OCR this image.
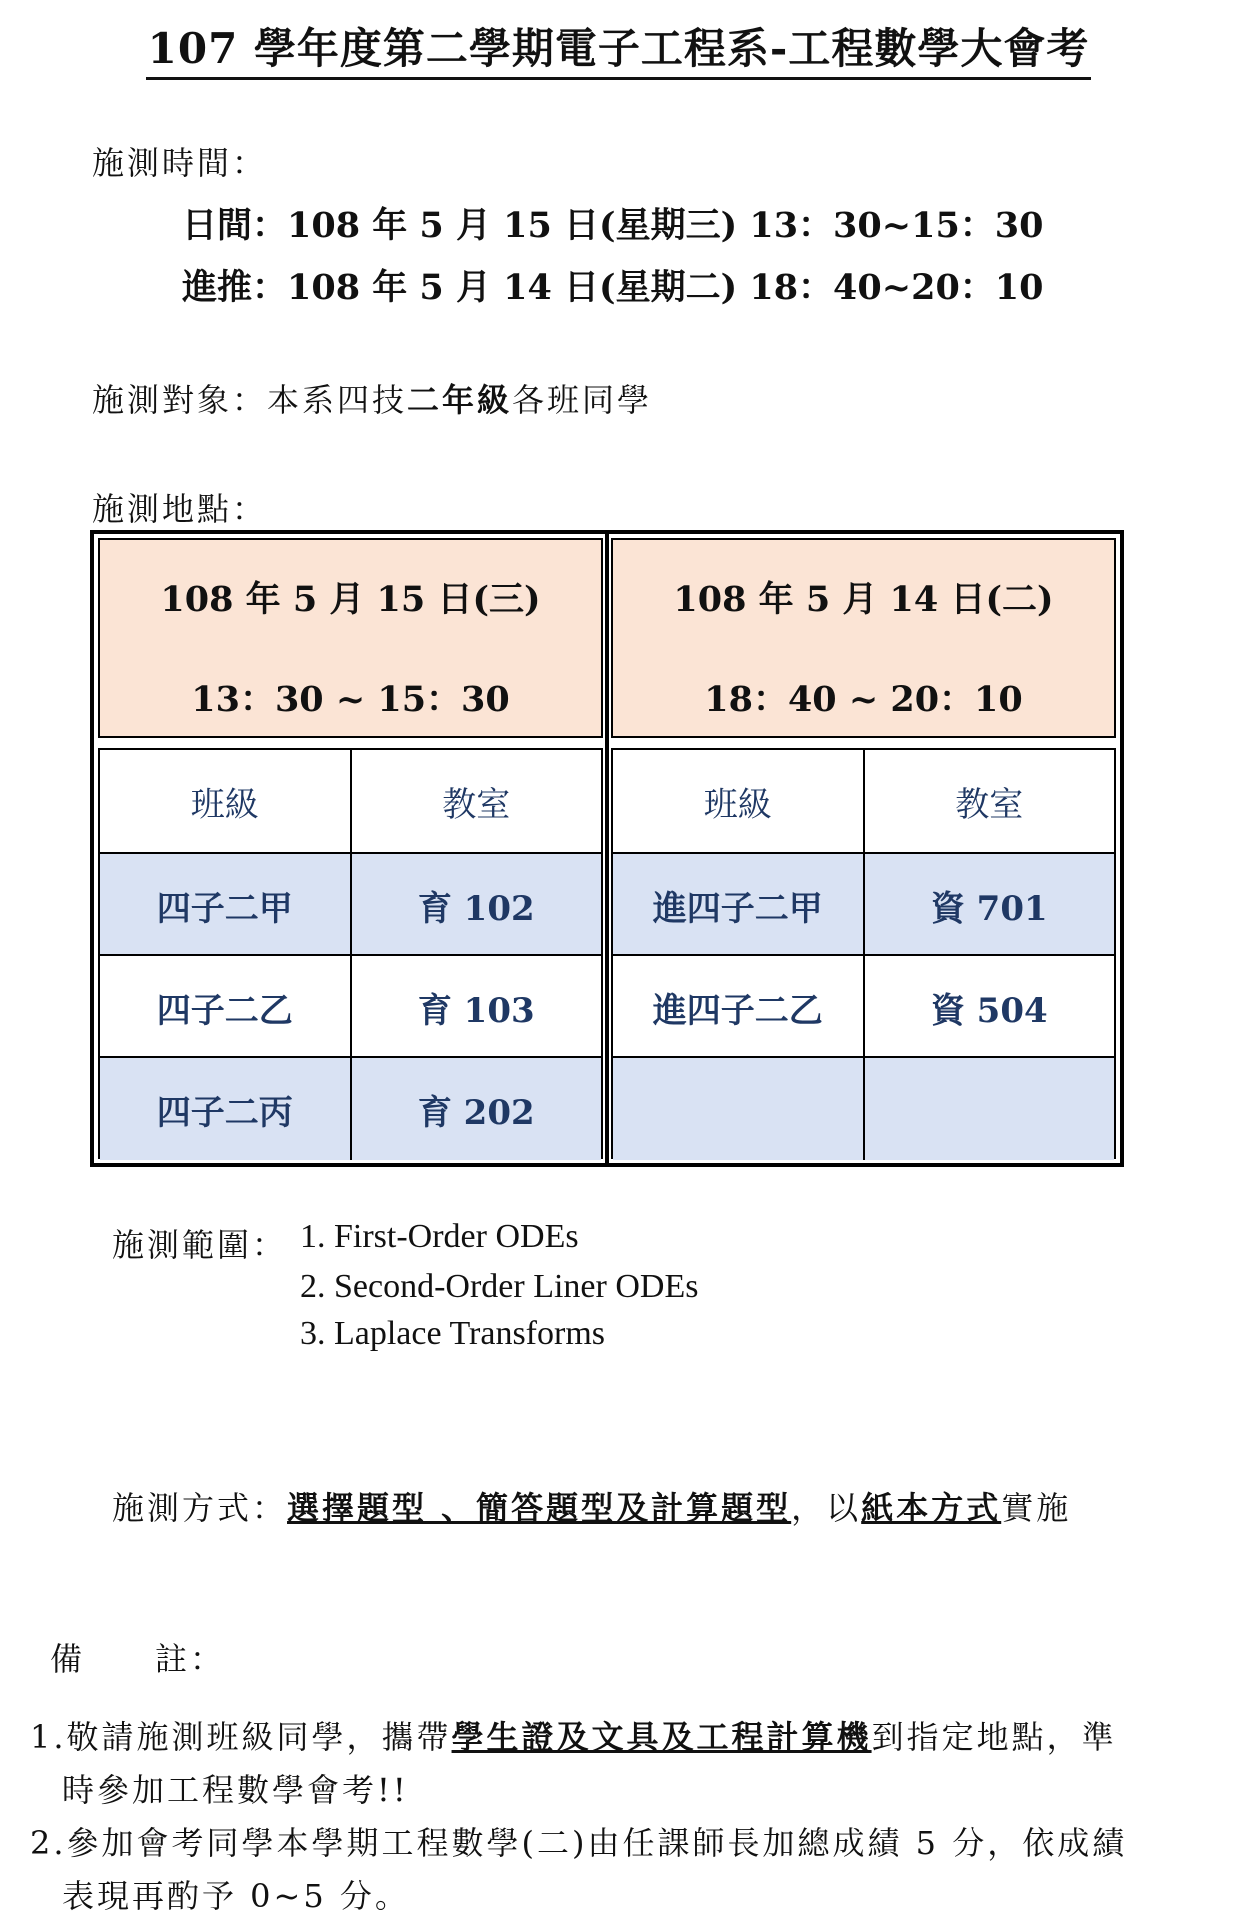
107 學年度第二學期電子工程系-工程數學大會考
施測時間：
日間：108 年 5 月 15 日(星期三) 13：30~15：30
進推：108 年 5 月 14 日(星期二) 18：40~20：10
施測對象：本系四技二年級各班同學
施測地點：
108 年 5 月 15 日(三)
13：30 ~ 15：30
班級	教室
四子二甲	育 102
四子二乙	育 103
四子二丙	育 202
108 年 5 月 14 日(二)
18：40 ~ 20：10
班級	教室
進四子二甲	資 701
進四子二乙	資 504
施測範圍： 1. First-Order ODEs
2. Second-Order Liner ODEs
3. Laplace Transforms
施測方式：選擇題型 、簡答題型及計算題型，以紙本方式實施
備　　註：
1.敬請施測班級同學，攜帶學生證及文具及工程計算機到指定地點，準
時參加工程數學會考!!
2.參加會考同學本學期工程數學(二)由任課師長加總成績 5 分，依成績
表現再酌予 0~5 分。
